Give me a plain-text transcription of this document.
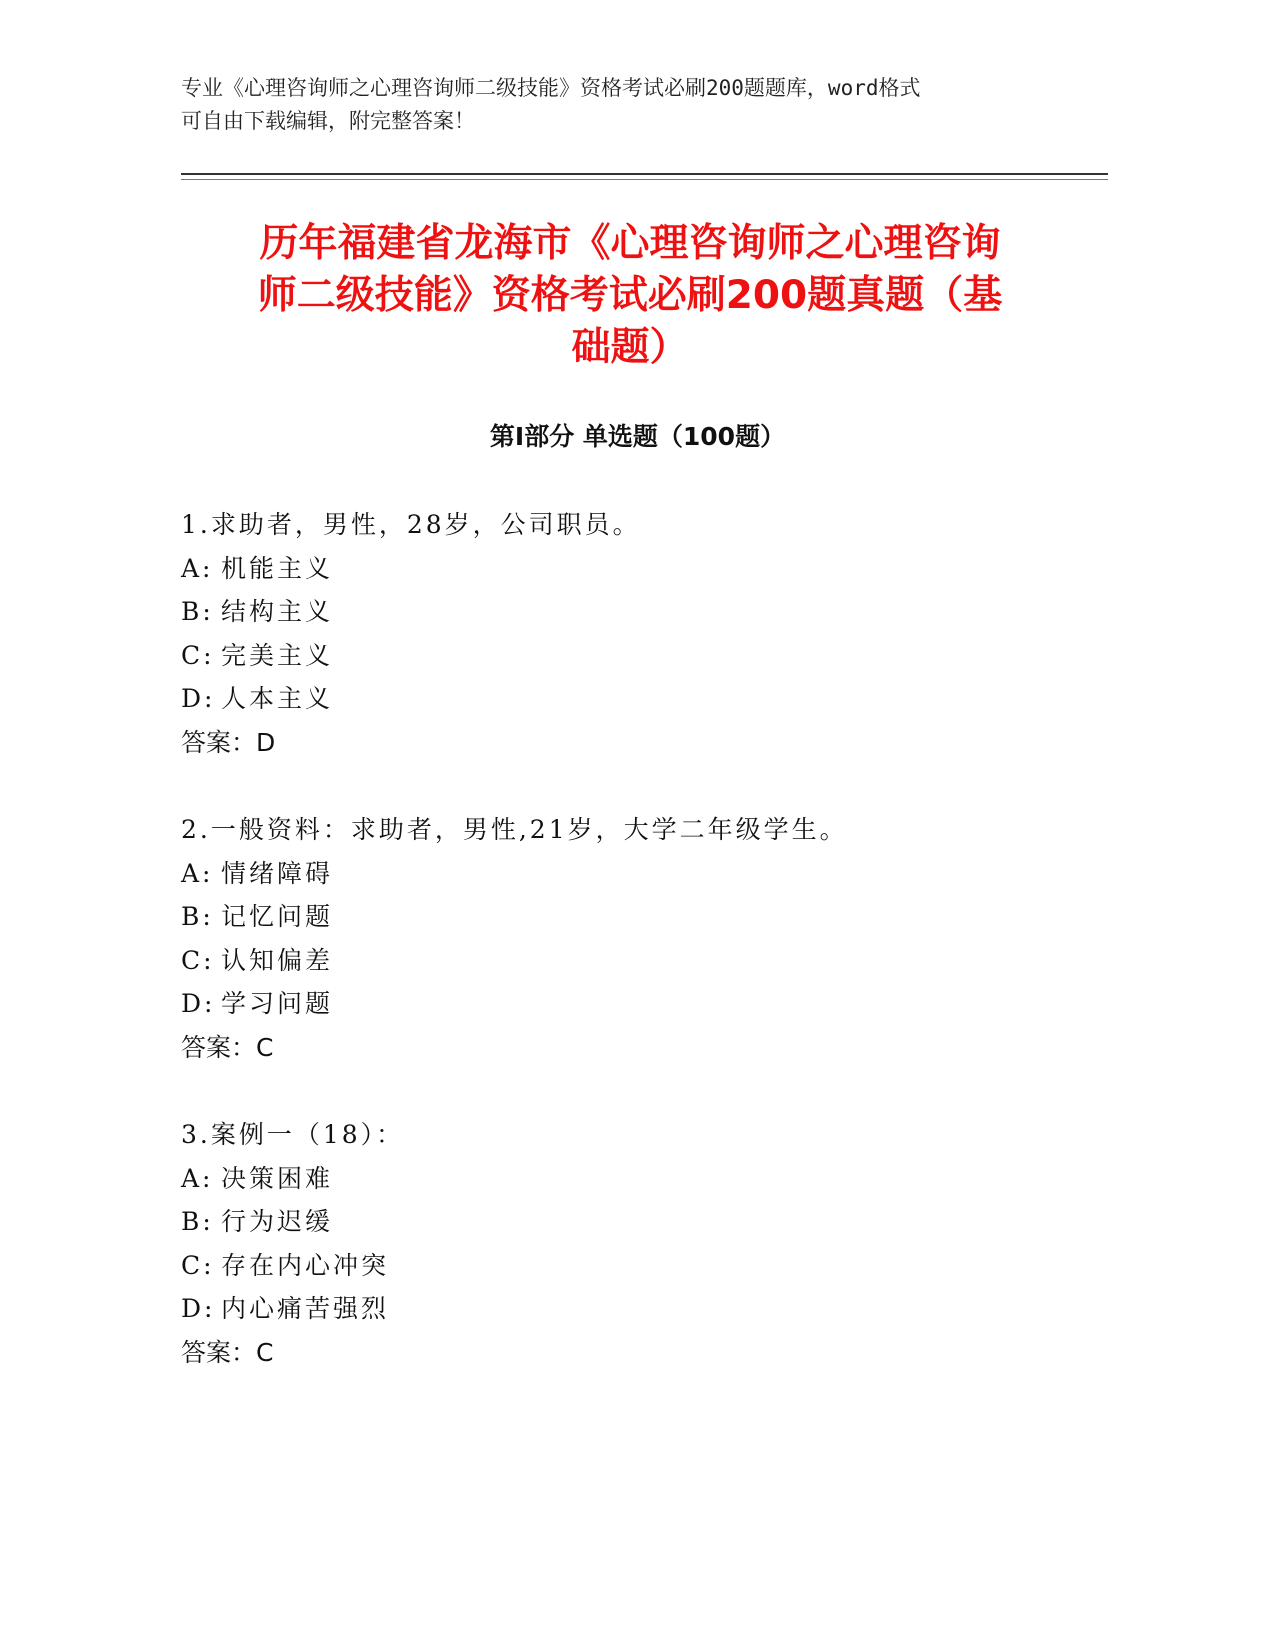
专业《心理咨询师之心理咨询师二级技能》资格考试必刷200题题库，word格式
可自由下载编辑，附完整答案！
历年福建省龙海市《心理咨询师之心理咨询
师二级技能》资格考试必刷200题真题（基
础题）
第Ⅰ部分 单选题（100题）
1.求助者，男性，28岁，公司职员。
A: 机能主义
B: 结构主义
C: 完美主义
D: 人本主义
答案：D
2.一般资料：求助者，男性,21岁，大学二年级学生。
A: 情绪障碍
B: 记忆问题
C: 认知偏差
D: 学习问题
答案：C
3.案例一（18）：
A: 决策困难
B: 行为迟缓
C: 存在内心冲突
D: 内心痛苦强烈
答案：C
